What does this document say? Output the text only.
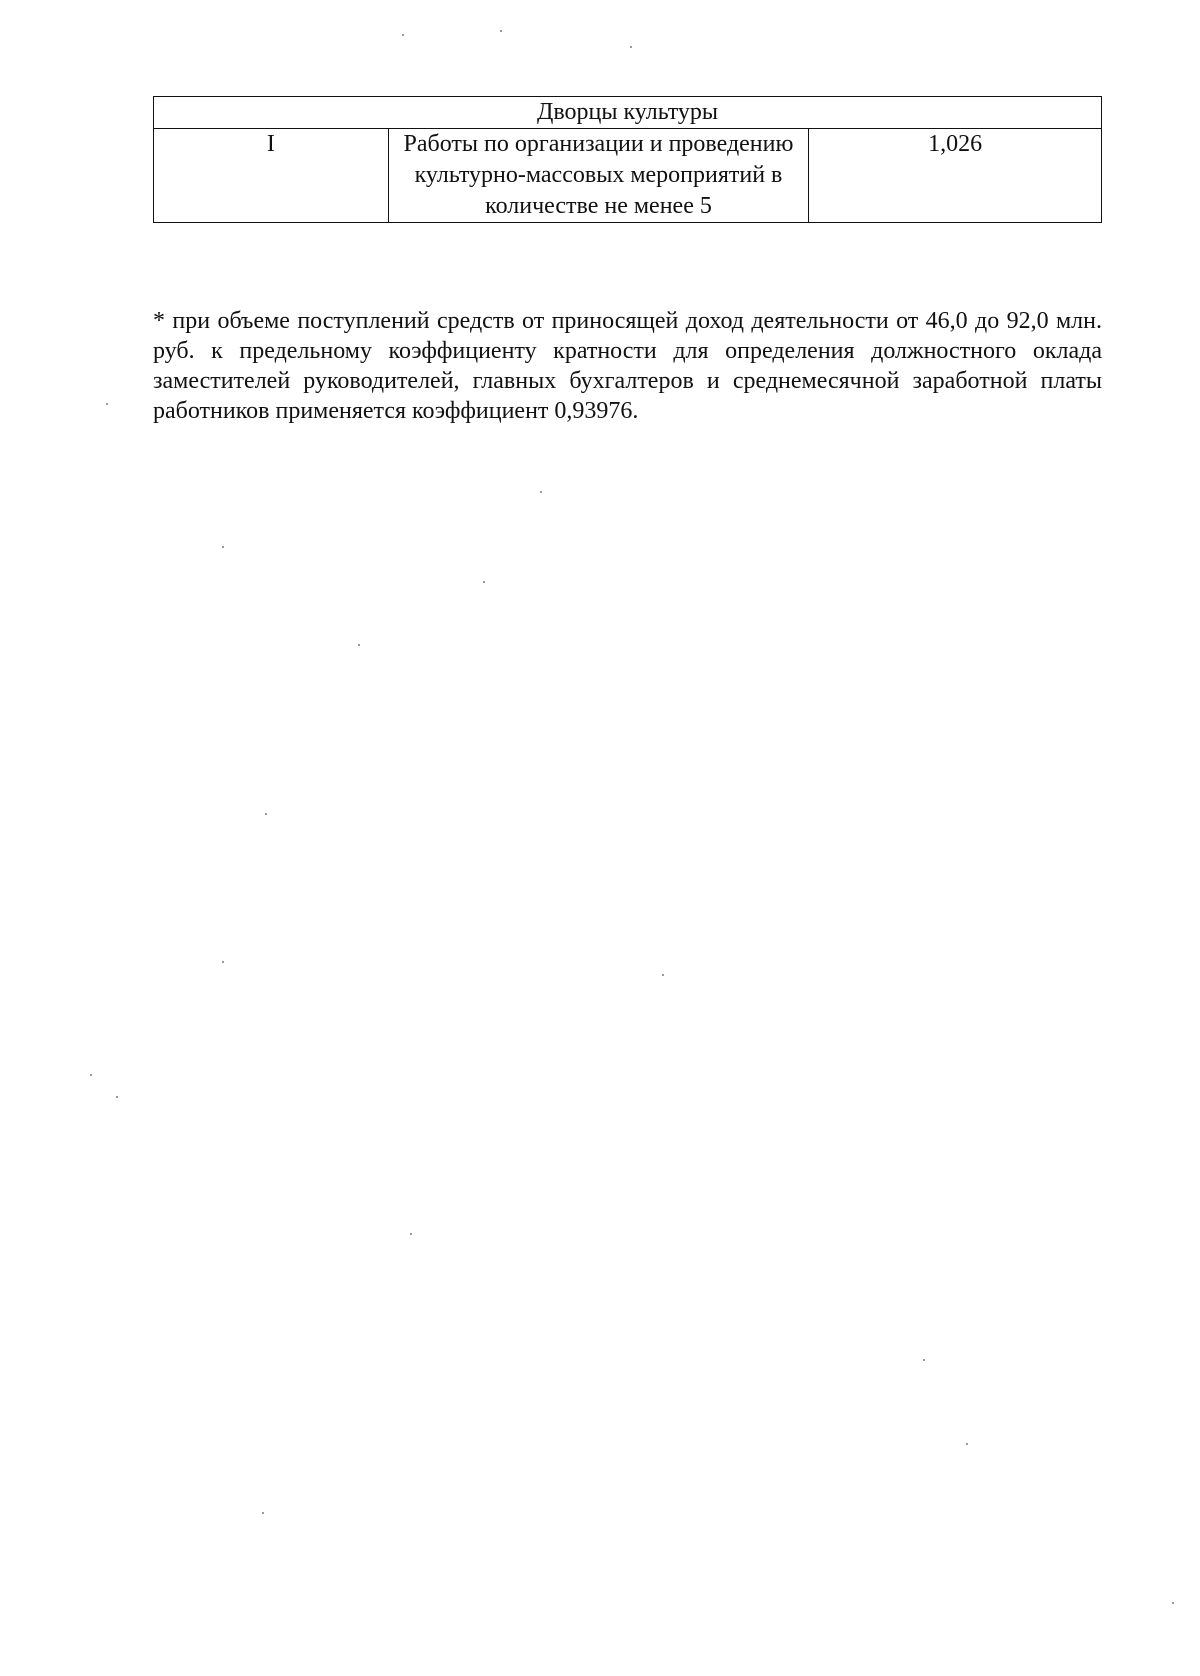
Дворцы культуры
I	Работы по организации и проведению культурно-массовых мероприятий в количестве не менее 5	1,026

* при объеме поступлений средств от приносящей доход деятельности от 46,0 до 92,0 млн. руб. к предельному коэффициенту кратности для определения должностного оклада заместителей руководителей, главных бухгалтеров и среднемесячной заработной платы работников применяется коэффициент 0,93976.
